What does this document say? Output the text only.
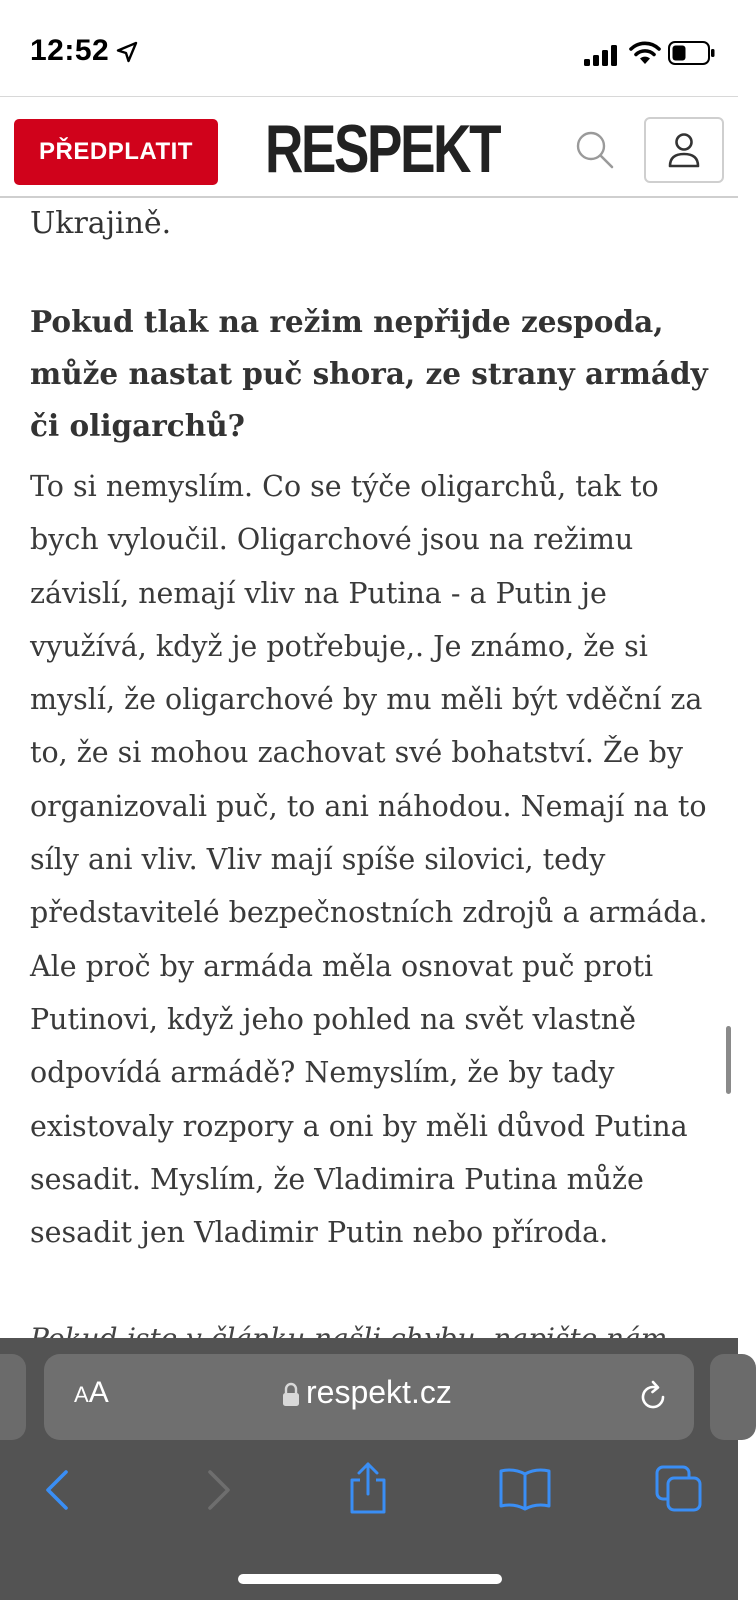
12:52
PŘEDPLATIT	RESPEKT

Ukrajině.

Pokud tlak na režim nepřijde zespoda, může nastat puč shora, ze strany armády či oligarchů?

To si nemyslím. Co se týče oligarchů, tak to bych vyloučil. Oligarchové jsou na režimu závislí, nemají vliv na Putina - a Putin je využívá, když je potřebuje,. Je známo, že si myslí, že oligarchové by mu měli být vděční za to, že si mohou zachovat své bohatství. Že by organizovali puč, to ani náhodou. Nemají na to síly ani vliv. Vliv mají spíše silovici, tedy představitelé bezpečnostních zdrojů a armáda. Ale proč by armáda měla osnovat puč proti Putinovi, když jeho pohled na svět vlastně odpovídá armádě? Nemyslím, že by tady existovaly rozpory a oni by měli důvod Putina sesadit. Myslím, že Vladimira Putina může sesadit jen Vladimir Putin nebo příroda.

AA	respekt.cz
